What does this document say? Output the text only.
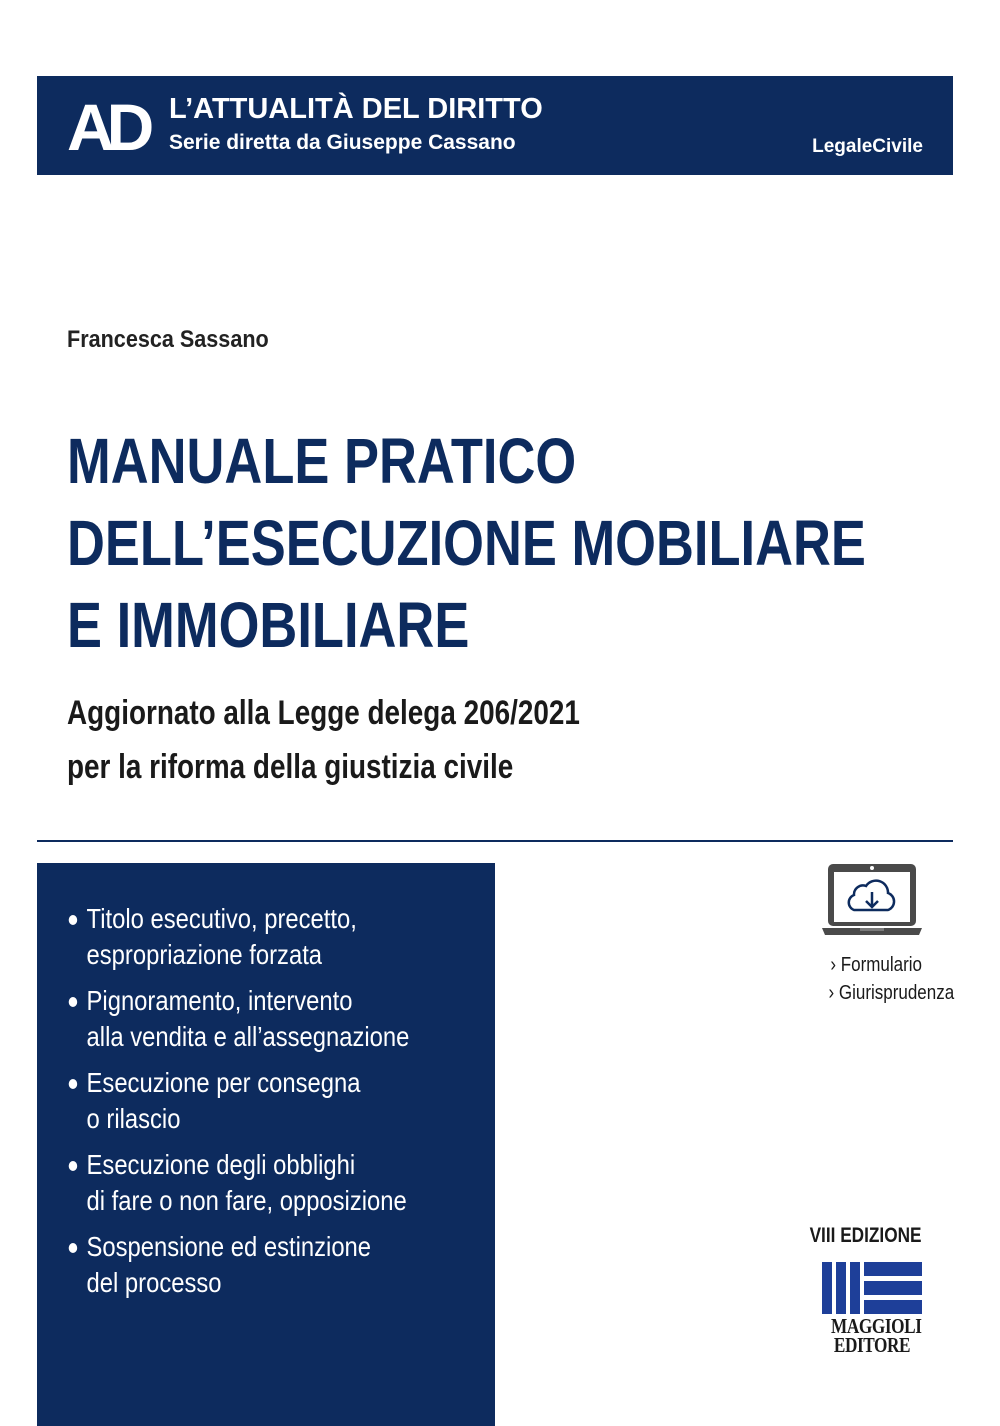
AD L’ATTUALITÀ DEL DIRITTO
Serie diretta da Giuseppe Cassano	LegaleCivile
Francesca Sassano
MANUALE PRATICO
DELL’ESECUZIONE MOBILIARE
E IMMOBILIARE
Aggiornato alla Legge delega 206/2021
per la riforma della giustizia civile
Titolo esecutivo, precetto,
espropriazione forzata
Pignoramento, intervento
alla vendita e all’assegnazione
Esecuzione per consegna
o rilascio
Esecuzione degli obblighi
di fare o non fare, opposizione
Sospensione ed estinzione
del processo
› Formulario
› Giurisprudenza
VIII EDIZIONE
MAGGIOLI
EDITORE
